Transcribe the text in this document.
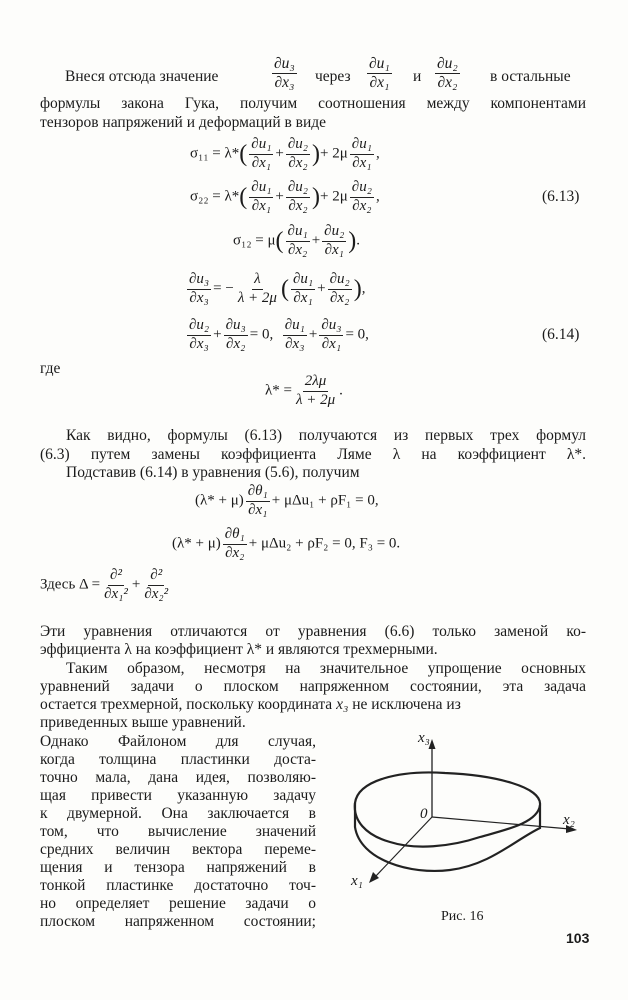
Внеся отсюда значение	$\frac{\text{∂u₃}}{\text{∂x₃}}$ через $\frac{\text{∂u₁}}{\text{∂x₁}}$ и $\frac{\text{∂u₂}}{\text{∂x₂}}$ в остальные
формулы закона Гука, получим соотношения между компонентами
тензоров напряжений и деформаций в виде
$\sigma_{11} = \lambda*( \frac{\text{∂u₁}}{\text{∂x₁}} + \frac{\text{∂u₂}}{\text{∂x₂}}$ )+ $2\mu \frac{\text{∂u₁}}{\text{∂x₁}}$ ,
$\sigma_{22} = \lambda*( \frac{\text{∂u₁}}{\text{∂x₁}} + \frac{\text{∂u₂}}{\text{∂x₂}}$ )+ $2\mu \frac{\text{∂u₂}}{\text{∂x₂}}$ ,	(6.13)
$\sigma_{12} = \mu( \frac{\text{∂u₁}}{\text{∂x₂}} + \frac{\text{∂u₂}}{\text{∂x₁}}$ ).
$\frac{\text{∂u₃}}{\text{∂x₃}}$ = − $\frac{\lambda}{\lambda + 2\mu}$ ( $\frac{\text{∂u₁}}{\text{∂x₁}} + \frac{\text{∂u₂}}{\text{∂x₂}}$ ),
$\frac{\text{∂u₂}}{\text{∂x₃}} + \frac{\text{∂u₃}}{\text{∂x₂}} = 0$, $\frac{\text{∂u₁}}{\text{∂x₃}} + \frac{\text{∂u₃}}{\text{∂x₁}} = 0$,	(6.14)
где
$\lambda* = \frac{2\lambda\mu}{\lambda + 2\mu}$ .
Как видно, формулы (6.13) получаются из первых трех формул
(6.3) путем замены коэффициента Ляме λ на коэффициент λ*.
Подставив (6.14) в уравнения (5.6), получим
$(\lambda* + \mu) \frac{\text{∂θ₁}}{\text{∂x₁}} + \mu\Delta u_1 + \rho F_1 = 0$,
$(\lambda* + \mu) \frac{\text{∂θ₁}}{\text{∂x₂}} + \mu\Delta u_2 + \rho F_2 = 0$, F₃ = 0.
Здесь $\Delta = \frac{\text{∂²}}{\text{∂x₁²}} + \frac{\text{∂²}}{\text{∂x₂²}}$
Эти уравнения отличаются от уравнения (6.6) только заменой ко-
эффициента λ на коэффициент λ* и являются трехмерными.
Таким образом, несмотря на значительное упрощение основных
уравнений задачи о плоском напряженном состоянии, эта задача
остается трехмерной, поскольку координата x₃ не исключена из
приведенных выше уравнений.
Однако Файлоном для случая,
когда толщина пластинки доста-
точно мала, дана идея, позволяю-
щая привести указанную задачу
к двумерной. Она заключается в
том, что вычисление значений
средних величин вектора переме-
щения и тензора напряжений в
тонкой пластинке достаточно точ-
но определяет решение задачи о
плоском напряженном состоянии;
x₃
x₂
x₁
0
Рис. 16
103
